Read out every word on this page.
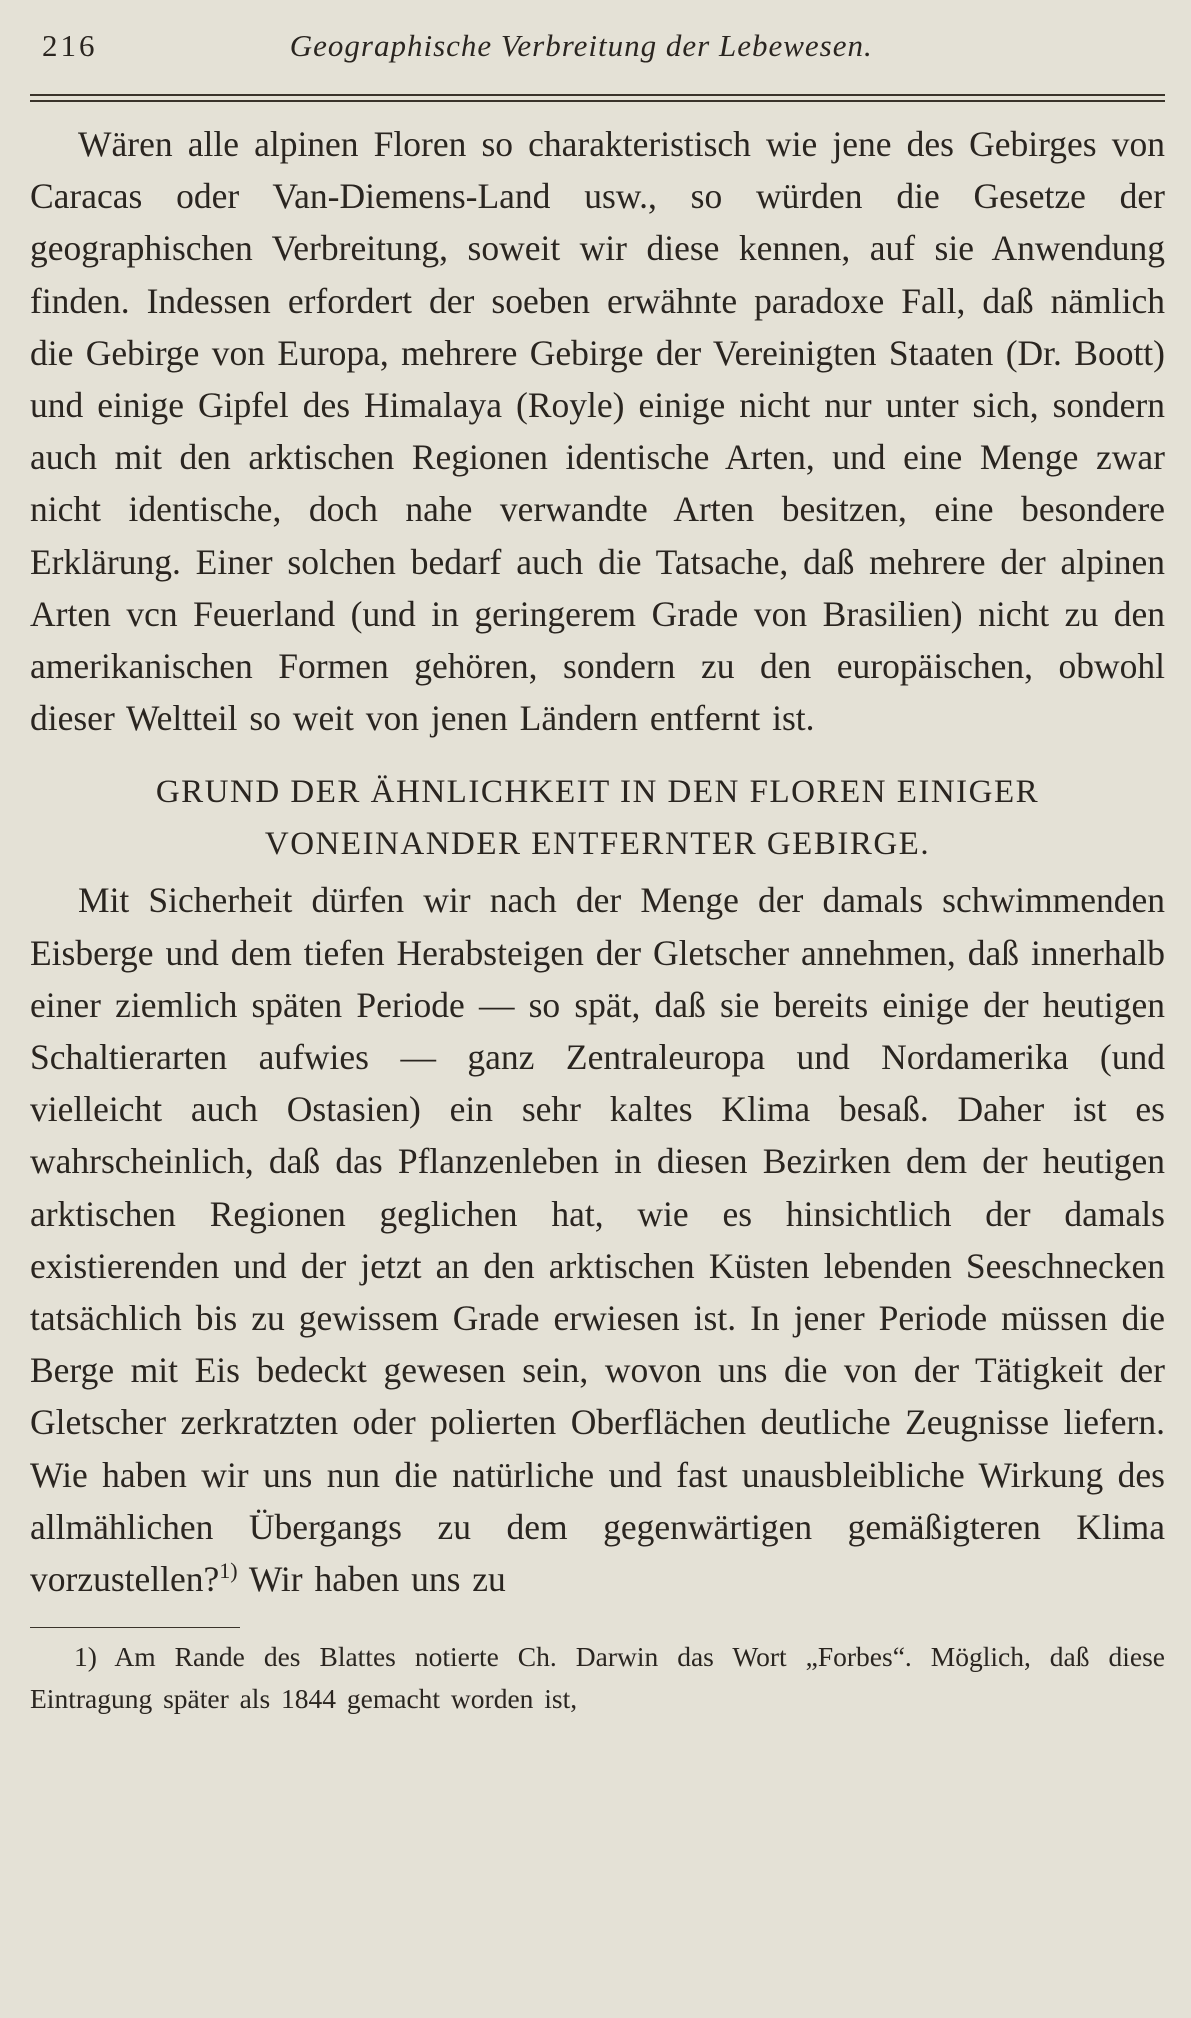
216	Geographische Verbreitung der Lebewesen.

Wären alle alpinen Floren so charakteristisch wie jene des Gebirges von Caracas oder Van-Diemens-Land usw., so würden die Gesetze der geographischen Verbreitung, soweit wir diese kennen, auf sie Anwendung finden. Indessen erfordert der soeben erwähnte paradoxe Fall, daß nämlich die Gebirge von Europa, mehrere Gebirge der Vereinigten Staaten (Dr. Boott) und einige Gipfel des Himalaya (Royle) einige nicht nur unter sich, sondern auch mit den arktischen Regionen identische Arten, und eine Menge zwar nicht identische, doch nahe verwandte Arten besitzen, eine besondere Erklärung. Einer solchen bedarf auch die Tatsache, daß mehrere der alpinen Arten vcn Feuerland (und in geringerem Grade von Brasilien) nicht zu den amerikanischen Formen gehören, sondern zu den europäischen, obwohl dieser Weltteil so weit von jenen Ländern entfernt ist.

GRUND DER ÄHNLICHKEIT IN DEN FLOREN EINIGER
VONEINANDER ENTFERNTER GEBIRGE.

Mit Sicherheit dürfen wir nach der Menge der damals schwimmenden Eisberge und dem tiefen Herabsteigen der Gletscher annehmen, daß innerhalb einer ziemlich späten Periode — so spät, daß sie bereits einige der heutigen Schaltierarten aufwies — ganz Zentraleuropa und Nordamerika (und vielleicht auch Ostasien) ein sehr kaltes Klima besaß. Daher ist es wahrscheinlich, daß das Pflanzenleben in diesen Bezirken dem der heutigen arktischen Regionen geglichen hat, wie es hinsichtlich der damals existierenden und der jetzt an den arktischen Küsten lebenden Seeschnecken tatsächlich bis zu gewissem Grade erwiesen ist. In jener Periode müssen die Berge mit Eis bedeckt gewesen sein, wovon uns die von der Tätigkeit der Gletscher zerkratzten oder polierten Oberflächen deutliche Zeugnisse liefern. Wie haben wir uns nun die natürliche und fast unausbleibliche Wirkung des allmählichen Übergangs zu dem gegenwärtigen gemäßigteren Klima vorzustellen?$^{1)}$ Wir haben uns zu

1) Am Rande des Blattes notierte Ch. Darwin das Wort „Forbes“. Möglich, daß diese Eintragung später als 1844 gemacht worden ist,
